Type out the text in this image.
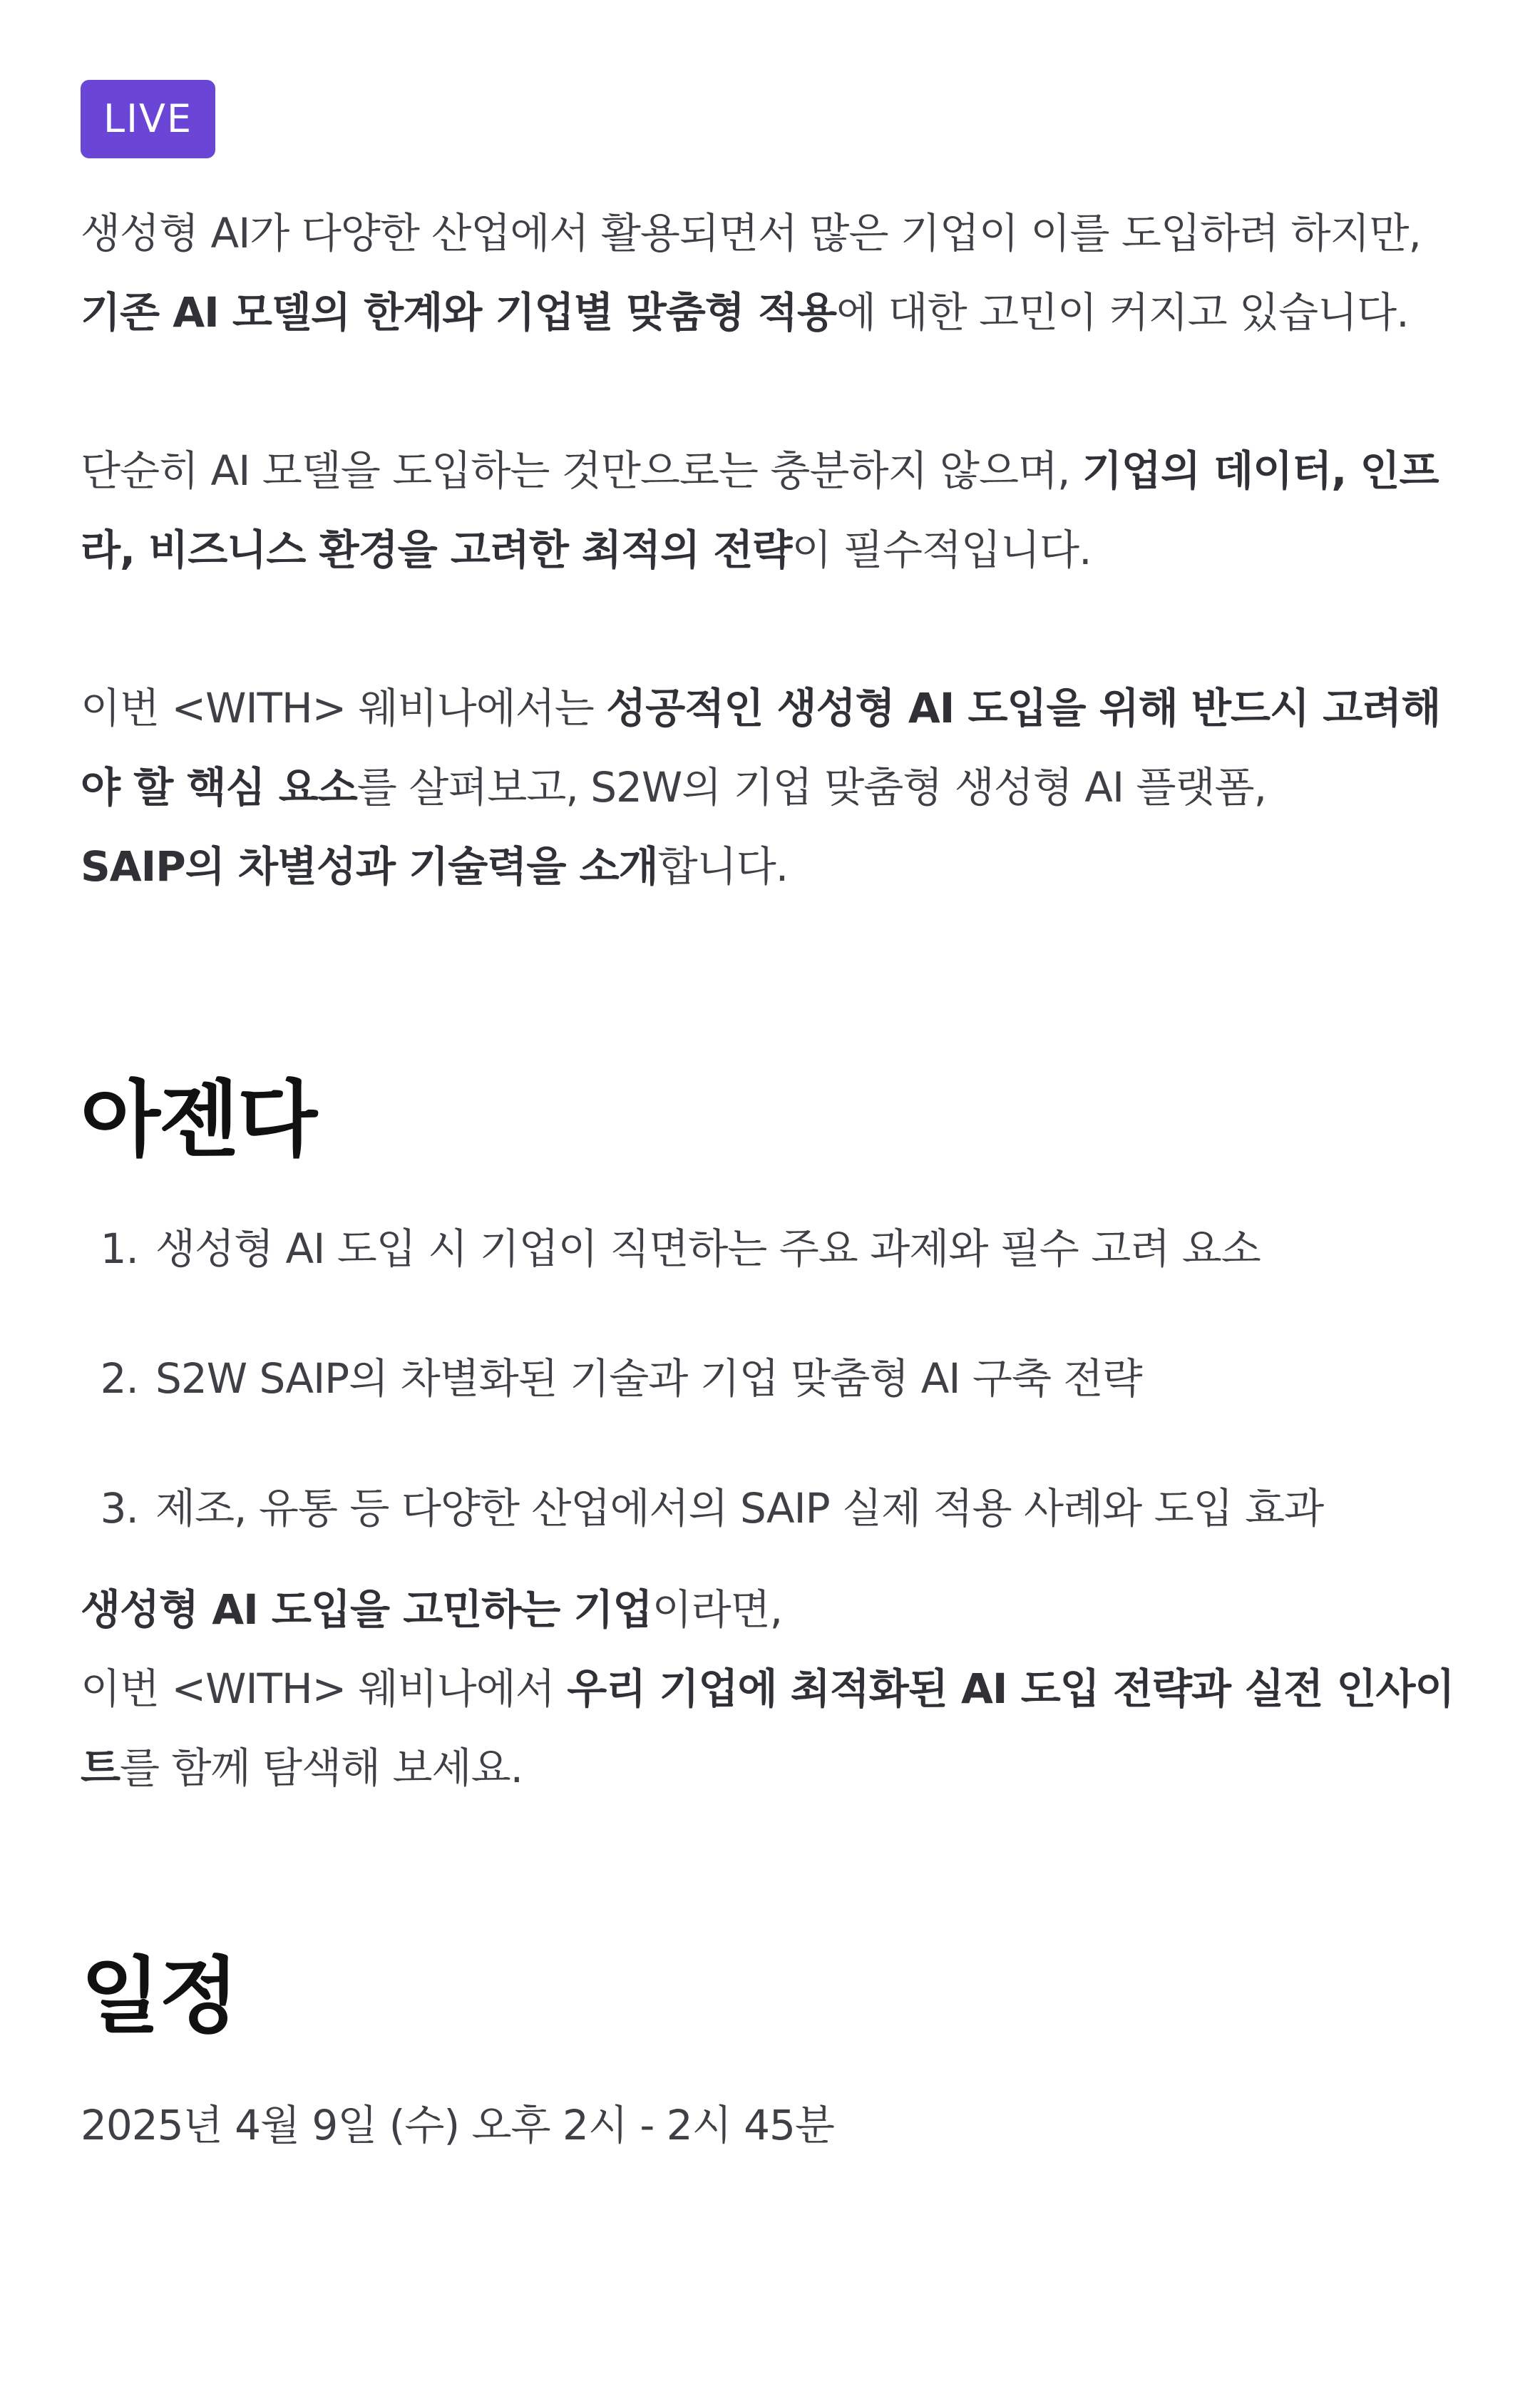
LIVE

생성형 AI가 다양한 산업에서 활용되면서 많은 기업이 이를 도입하려 하지만, 기존 AI 모델의 한계와 기업별 맞춤형 적용에 대한 고민이 커지고 있습니다.

단순히 AI 모델을 도입하는 것만으로는 충분하지 않으며, 기업의 데이터, 인프라, 비즈니스 환경을 고려한 최적의 전략이 필수적입니다.

이번 <WITH> 웨비나에서는 성공적인 생성형 AI 도입을 위해 반드시 고려해야 할 핵심 요소를 살펴보고, S2W의 기업 맞춤형 생성형 AI 플랫폼,
SAIP의 차별성과 기술력을 소개합니다.

아젠다
1. 생성형 AI 도입 시 기업이 직면하는 주요 과제와 필수 고려 요소
2. S2W SAIP의 차별화된 기술과 기업 맞춤형 AI 구축 전략
3. 제조, 유통 등 다양한 산업에서의 SAIP 실제 적용 사례와 도입 효과

생성형 AI 도입을 고민하는 기업이라면,
이번 <WITH> 웨비나에서 우리 기업에 최적화된 AI 도입 전략과 실전 인사이트를 함께 탐색해 보세요.

일정

2025년 4월 9일 (수) 오후 2시 - 2시 45분
